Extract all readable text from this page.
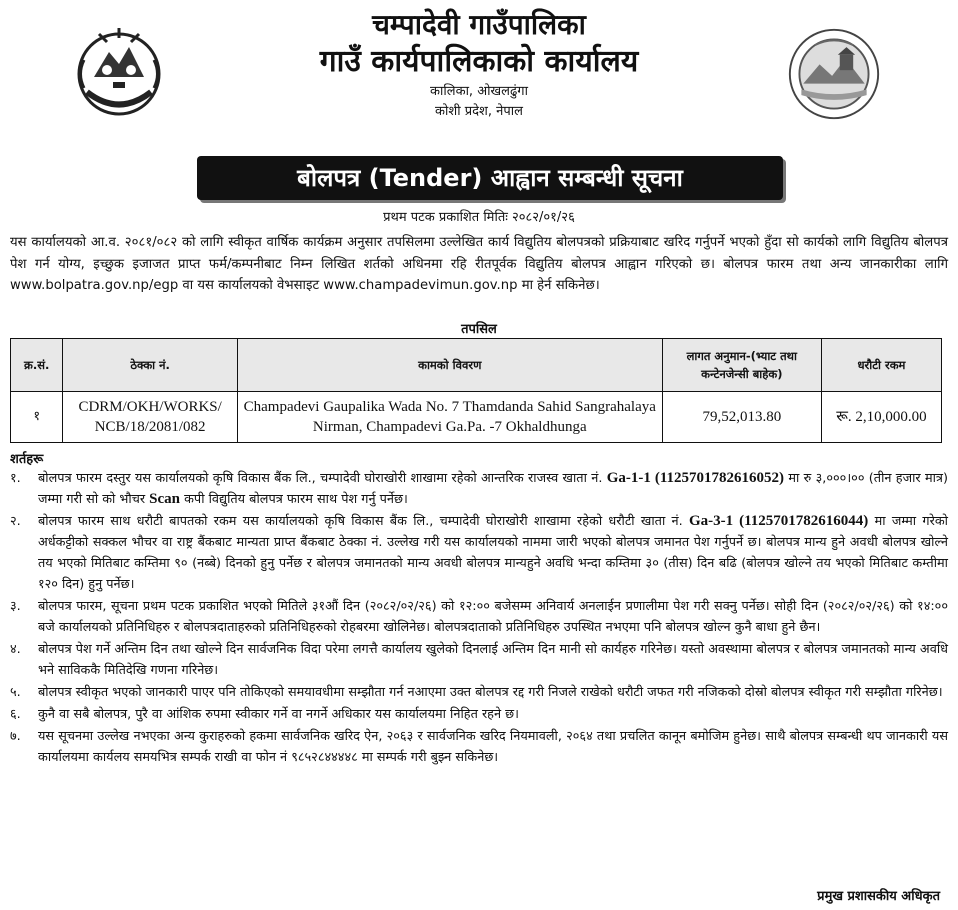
चम्पादेवी गाउँपालिका
गाउँ कार्यपालिकाको कार्यालय
कालिका, ओखलढुंगा
कोशी प्रदेश, नेपाल
बोलपत्र (Tender) आह्वान सम्बन्धी सूचना
प्रथम पटक प्रकाशित मितिः २०८२/०१/२६
यस कार्यालयको आ.व. २०८१/०८२ को लागि स्वीकृत वार्षिक कार्यक्रम अनुसार तपसिलमा उल्लेखित कार्य विद्युतिय बोलपत्रको प्रक्रियाबाट खरिद गर्नुपर्ने भएको हुँदा सो कार्यको लागि विद्युतिय बोलपत्र पेश गर्न योग्य, इच्छुक इजाजत प्राप्त फर्म/कम्पनीबाट निम्न लिखित शर्तको अधिनमा रहि रीतपूर्वक विद्युतिय बोलपत्र आह्वान गरिएको छ। बोलपत्र फारम तथा अन्य जानकारीका लागि www.bolpatra.gov.np/egp वा यस कार्यालयको वेभसाइट www.champadevimun.gov.np मा हेर्न सकिनेछ।
तपसिल
क्र.सं.	ठेक्का नं.	कामको विवरण	लागत अनुमान-(भ्याट तथा कन्टेनजेन्सी बाहेक)	धरौटी रकम
१	CDRM/OKH/WORKS/ NCB/18/2081/082	Champadevi Gaupalika Wada No. 7 Thamdanda Sahid Sangrahalaya Nirman, Champadevi Ga.Pa. -7 Okhaldhunga	79,52,013.80	रू. 2,10,000.00
शर्तहरू
१.	बोलपत्र फारम दस्तुर यस कार्यालयको कृषि विकास बैंक लि., चम्पादेवी घोराखोरी शाखामा रहेको आन्तरिक राजस्व खाता नं. Ga-1-1 (1125701782616052) मा रु ३,०००।०० (तीन हजार मात्र) जम्मा गरी सो को भौचर Scan कपी विद्युतिय बोलपत्र फारम साथ पेश गर्नु पर्नेछ।
२.	बोलपत्र फारम साथ धरौटी बापतको रकम यस कार्यालयको कृषि विकास बैंक लि., चम्पादेवी घोराखोरी शाखामा रहेको धरौटी खाता नं. Ga-3-1 (1125701782616044) मा जम्मा गरेको अर्धकट्टीको सक्कल भौचर वा राष्ट्र बैंकबाट मान्यता प्राप्त बैंकबाट ठेक्का नं. उल्लेख गरी यस कार्यालयको नाममा जारी भएको बोलपत्र जमानत पेश गर्नुपर्ने छ। बोलपत्र मान्य हुने अवधी बोलपत्र खोल्ने तय भएको मितिबाट कम्तिमा ९० (नब्बे) दिनको हुनु पर्नेछ र बोलपत्र जमानतको मान्य अवधी बोलपत्र मान्यहुने अवधि भन्दा कम्तिमा ३० (तीस) दिन बढि (बोलपत्र खोल्ने तय भएको मितिबाट कम्तीमा १२० दिन) हुनु पर्नेछ।
३.	बोलपत्र फारम, सूचना प्रथम पटक प्रकाशित भएको मितिले ३१औं दिन (२०८२/०२/२६) को १२:०० बजेसम्म अनिवार्य अनलाईन प्रणालीमा पेश गरी सक्नु पर्नेछ। सोही दिन (२०८२/०२/२६) को १४:०० बजे कार्यालयको प्रतिनिधिहरु र बोलपत्रदाताहरुको प्रतिनिधिहरुको रोहबरमा खोलिनेछ। बोलपत्रदाताको प्रतिनिधिहरु उपस्थित नभएमा पनि बोलपत्र खोल्न कुनै बाधा हुने छैन।
४.	बोलपत्र पेश गर्ने अन्तिम दिन तथा खोल्ने दिन सार्वजनिक विदा परेमा लगत्तै कार्यालय खुलेको दिनलाई अन्तिम दिन मानी सो कार्यहरु गरिनेछ। यस्तो अवस्थामा बोलपत्र र बोलपत्र जमानतको मान्य अवधि भने साविककै मितिदेखि गणना गरिनेछ।
५.	बोलपत्र स्वीकृत भएको जानकारी पाएर पनि तोकिएको समयावधीमा सम्झौता गर्न नआएमा उक्त बोलपत्र रद्द गरी निजले राखेको धरौटी जफत गरी नजिकको दोस्रो बोलपत्र स्वीकृत गरी सम्झौता गरिनेछ।
६.	कुनै वा सबै बोलपत्र, पुरै वा आंशिक रुपमा स्वीकार गर्ने वा नगर्ने अधिकार यस कार्यालयमा निहित रहने छ।
७.	यस सूचनमा उल्लेख नभएका अन्य कुराहरुको हकमा सार्वजनिक खरिद ऐन, २०६३ र सार्वजनिक खरिद नियमावली, २०६४ तथा प्रचलित कानून बमोजिम हुनेछ। साथै बोलपत्र सम्बन्धी थप जानकारी यस कार्यालयमा कार्यलय समयभित्र सम्पर्क राखी वा फोन नं ९८५२८४४४४८ मा सम्पर्क गरी बुझ्न सकिनेछ।
प्रमुख प्रशासकीय अधिकृत
